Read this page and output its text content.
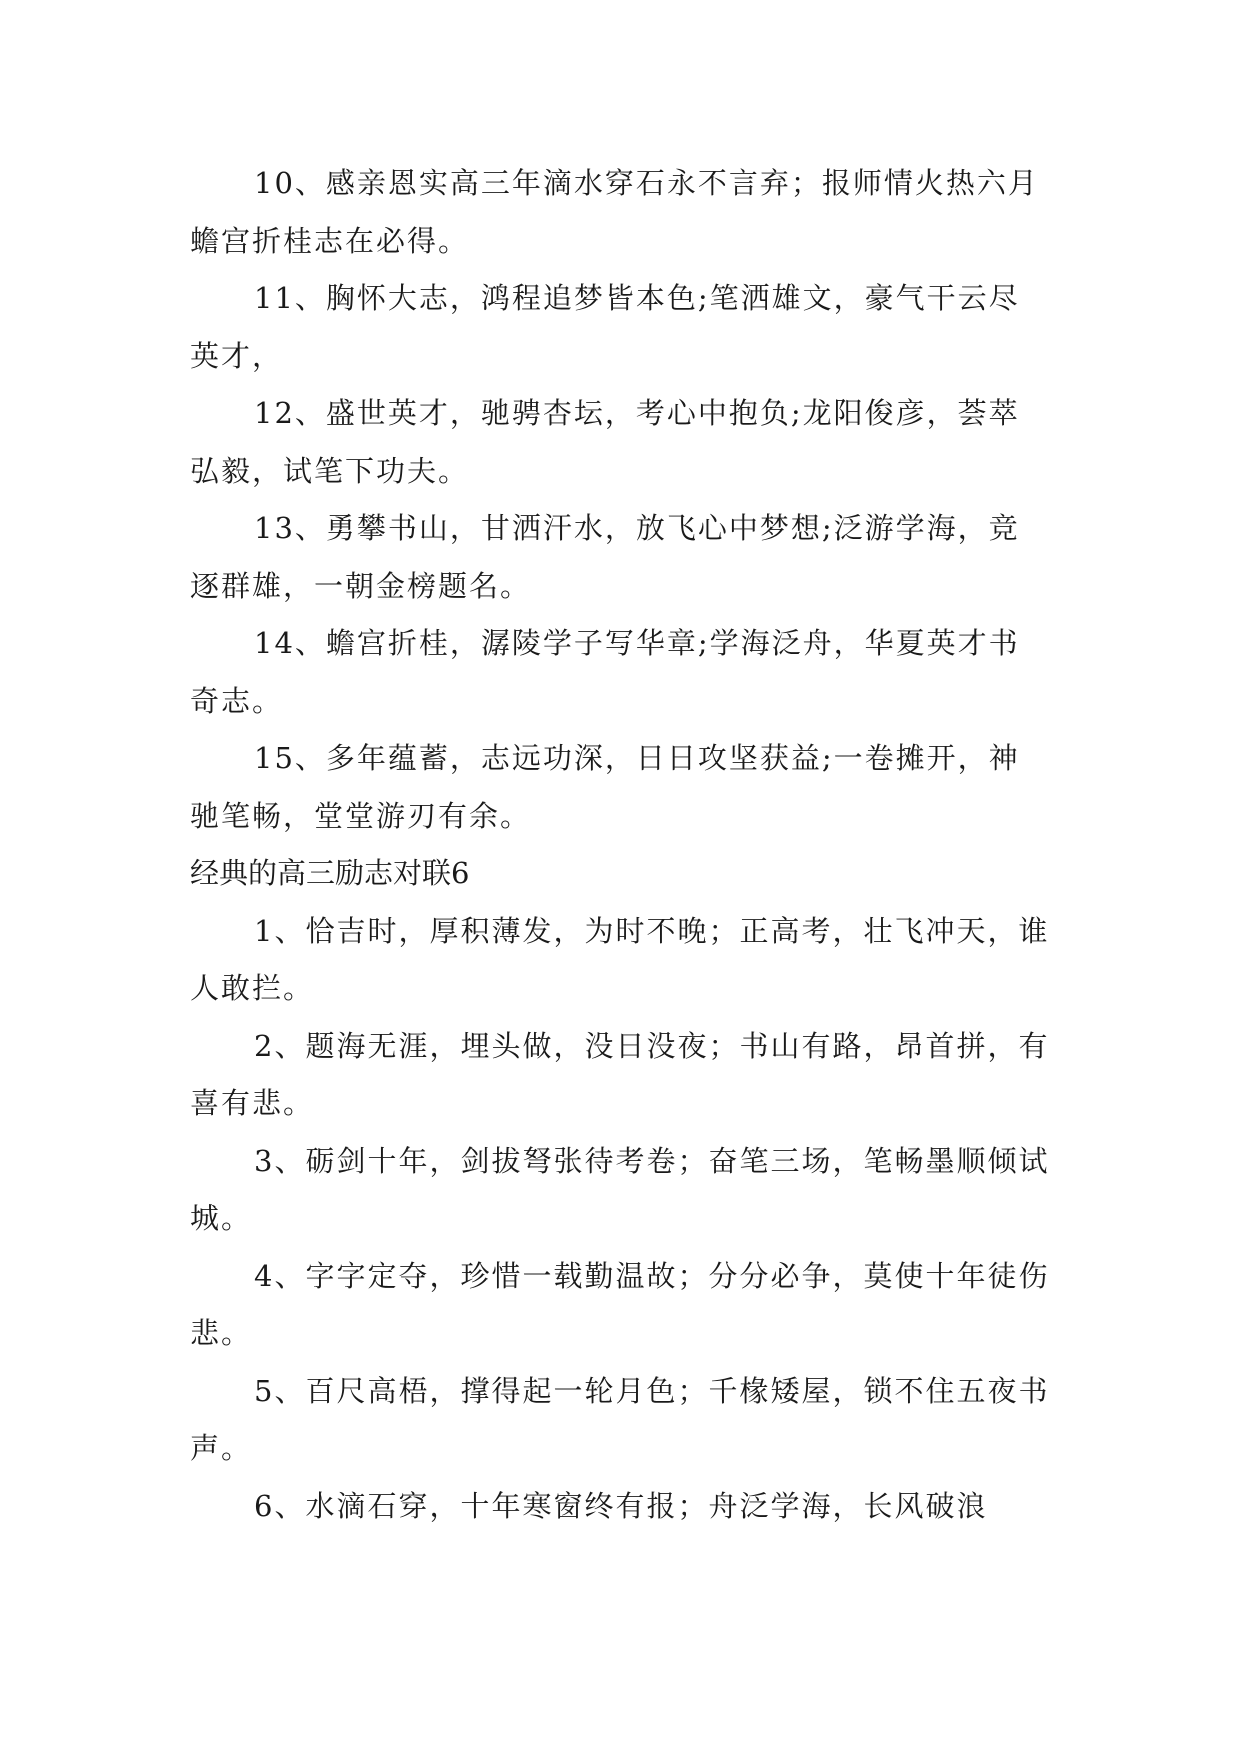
10、感亲恩实高三年滴水穿石永不言弃；报师情火热六月蟾宫折桂志在必得。

11、胸怀大志，鸿程追梦皆本色;笔洒雄文，豪气干云尽英才，

12、盛世英才，驰骋杏坛，考心中抱负;龙阳俊彦，荟萃弘毅，试笔下功夫。

13、勇攀书山，甘洒汗水，放飞心中梦想;泛游学海，竞逐群雄，一朝金榜题名。

14、蟾宫折桂，潺陵学子写华章;学海泛舟，华夏英才书奇志。

15、多年蕴蓄，志远功深，日日攻坚获益;一卷摊开，神驰笔畅，堂堂游刃有余。

经典的高三励志对联6

1、恰吉时，厚积薄发，为时不晚；正高考，壮飞冲天，谁人敢拦。

2、题海无涯，埋头做，没日没夜；书山有路，昂首拼，有喜有悲。

3、砺剑十年，剑拔弩张待考卷；奋笔三场，笔畅墨顺倾试城。

4、字字定夺，珍惜一载勤温故；分分必争，莫使十年徒伤悲。

5、百尺高梧，撑得起一轮月色；千椽矮屋，锁不住五夜书声。

6、水滴石穿，十年寒窗终有报；舟泛学海，长风破浪
